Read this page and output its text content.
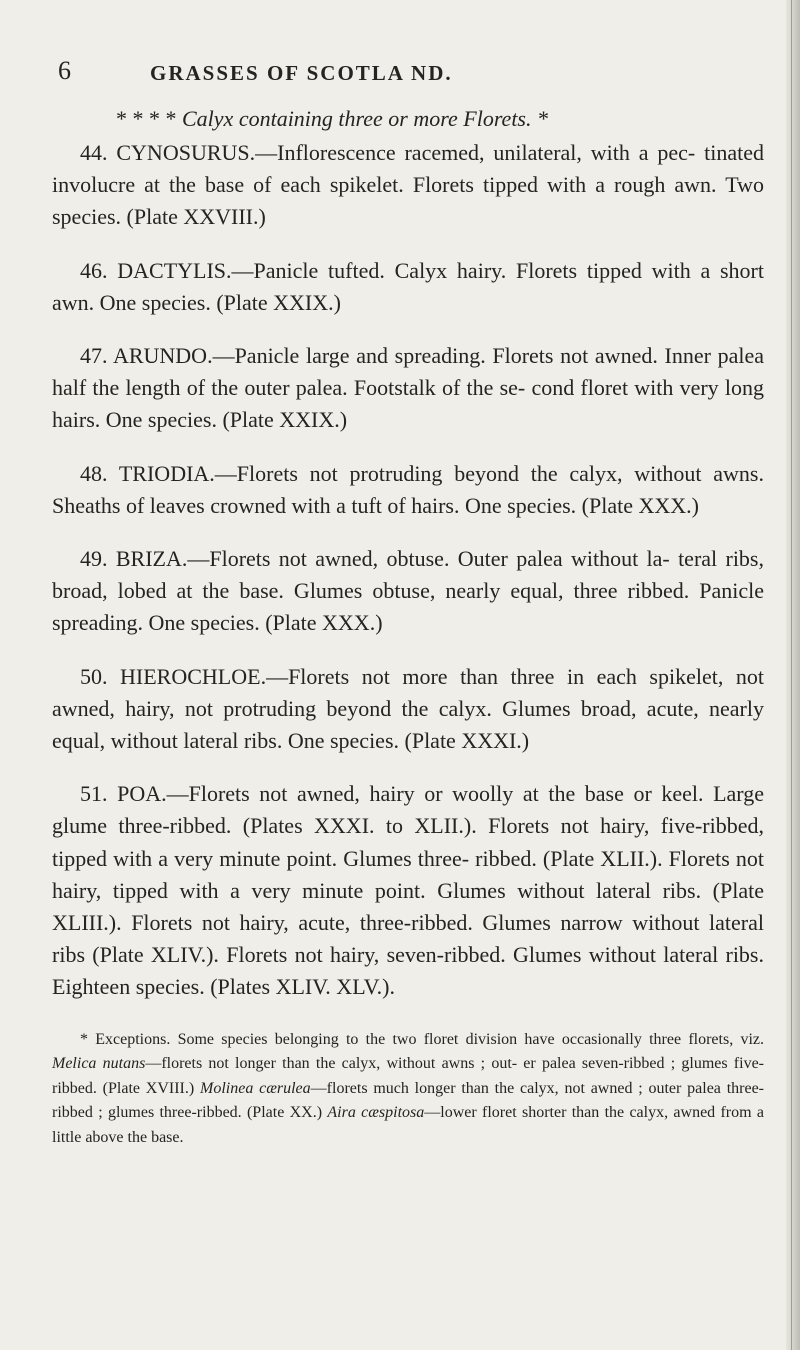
6	GRASSES OF SCOTLA ND.
* * * * Calyx containing three or more Florets. *

44. CYNOSURUS.—Inflorescence racemed, unilateral, with a pec- tinated involucre at the base of each spikelet. Florets tipped with a rough awn. Two species. (Plate XXVIII.)

46. DACTYLIS.—Panicle tufted. Calyx hairy. Florets tipped with a short awn. One species. (Plate XXIX.)

47. ARUNDO.—Panicle large and spreading. Florets not awned. Inner palea half the length of the outer palea. Footstalk of the se- cond floret with very long hairs. One species. (Plate XXIX.)

48. TRIODIA.—Florets not protruding beyond the calyx, without awns. Sheaths of leaves crowned with a tuft of hairs. One species. (Plate XXX.)

49. BRIZA.—Florets not awned, obtuse. Outer palea without la- teral ribs, broad, lobed at the base. Glumes obtuse, nearly equal, three ribbed. Panicle spreading. One species. (Plate XXX.)

50. HIEROCHLOE.—Florets not more than three in each spikelet, not awned, hairy, not protruding beyond the calyx. Glumes broad, acute, nearly equal, without lateral ribs. One species. (Plate XXXI.)

51. POA.—Florets not awned, hairy or woolly at the base or keel. Large glume three-ribbed. (Plates XXXI. to XLII.). Florets not hairy, five-ribbed, tipped with a very minute point. Glumes three- ribbed. (Plate XLII.). Florets not hairy, tipped with a very minute point. Glumes without lateral ribs. (Plate XLIII.). Florets not hairy, acute, three-ribbed. Glumes narrow without lateral ribs (Plate XLIV.). Florets not hairy, seven-ribbed. Glumes without lateral ribs. Eighteen species. (Plates XLIV. XLV.).

* Exceptions. Some species belonging to the two floret division have occasionally three florets, viz. Melica nutans—florets not longer than the calyx, without awns ; out- er palea seven-ribbed ; glumes five-ribbed. (Plate XVIII.) Molinea cærulea—florets much longer than the calyx, not awned ; outer palea three-ribbed ; glumes three-ribbed. (Plate XX.) Aira cæspitosa—lower floret shorter than the calyx, awned from a little above the base.
